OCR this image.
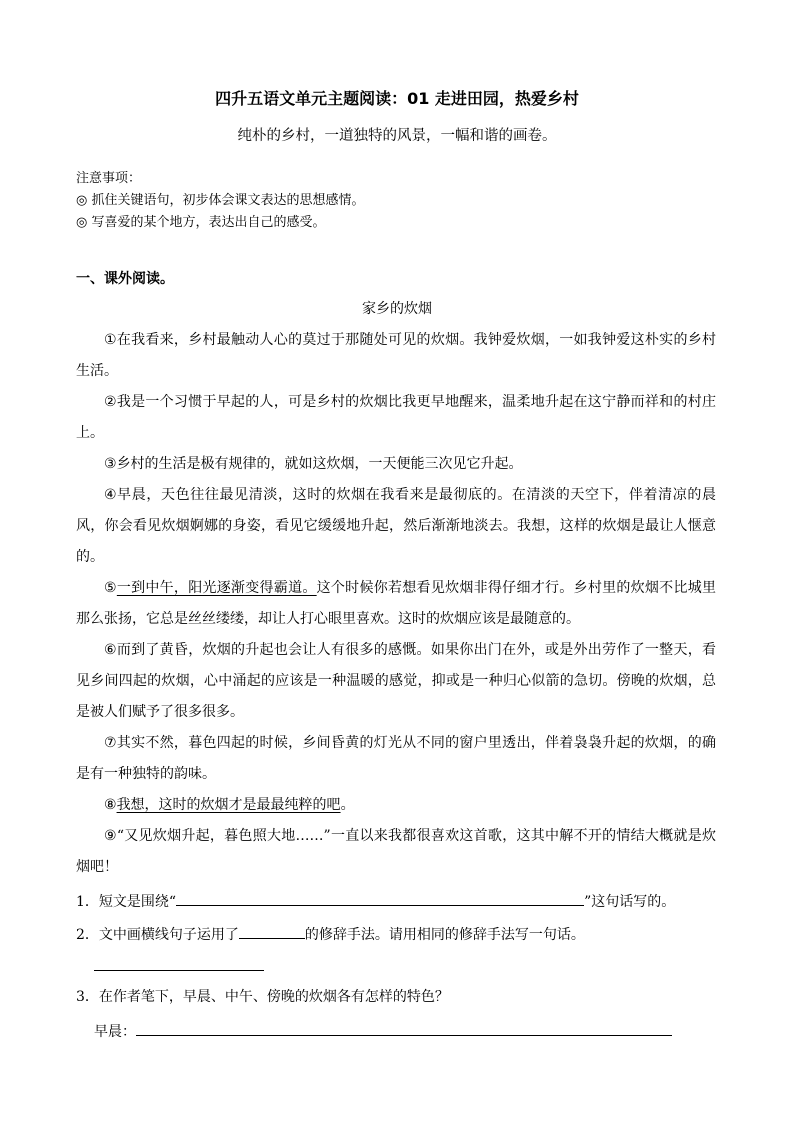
四升五语文单元主题阅读：01 走进田园，热爱乡村
纯朴的乡村，一道独特的风景，一幅和谐的画卷。
注意事项：
◎ 抓住关键语句，初步体会课文表达的思想感情。
◎ 写喜爱的某个地方，表达出自己的感受。
一、课外阅读。
家乡的炊烟

①在我看来，乡村最触动人心的莫过于那随处可见的炊烟。我钟爱炊烟，一如我钟爱这朴实的乡村生活。

②我是一个习惯于早起的人，可是乡村的炊烟比我更早地醒来，温柔地升起在这宁静而祥和的村庄上。

③乡村的生活是极有规律的，就如这炊烟，一天便能三次见它升起。

④早晨，天色往往最见清淡，这时的炊烟在我看来是最彻底的。在清淡的天空下，伴着清凉的晨风，你会看见炊烟婀娜的身姿，看见它缓缓地升起，然后渐渐地淡去。我想，这样的炊烟是最让人惬意的。

⑤一到中午，阳光逐渐变得霸道。这个时候你若想看见炊烟非得仔细才行。乡村里的炊烟不比城里那么张扬，它总是丝丝缕缕，却让人打心眼里喜欢。这时的炊烟应该是最随意的。

⑥而到了黄昏，炊烟的升起也会让人有很多的感慨。如果你出门在外，或是外出劳作了一整天，看见乡间四起的炊烟，心中涌起的应该是一种温暖的感觉，抑或是一种归心似箭的急切。傍晚的炊烟，总是被人们赋予了很多很多。

⑦其实不然，暮色四起的时候，乡间昏黄的灯光从不同的窗户里透出，伴着袅袅升起的炊烟，的确是有一种独特的韵味。

⑧我想，这时的炊烟才是最最纯粹的吧。

⑨“又见炊烟升起，暮色照大地……”一直以来我都很喜欢这首歌，这其中解不开的情结大概就是炊烟吧！

1．短文是围绕“	”这句话写的。
2．文中画横线句子运用了	的修辞手法。请用相同的修辞手法写一句话。
3．在作者笔下，早晨、中午、傍晚的炊烟各有怎样的特色？
早晨：
